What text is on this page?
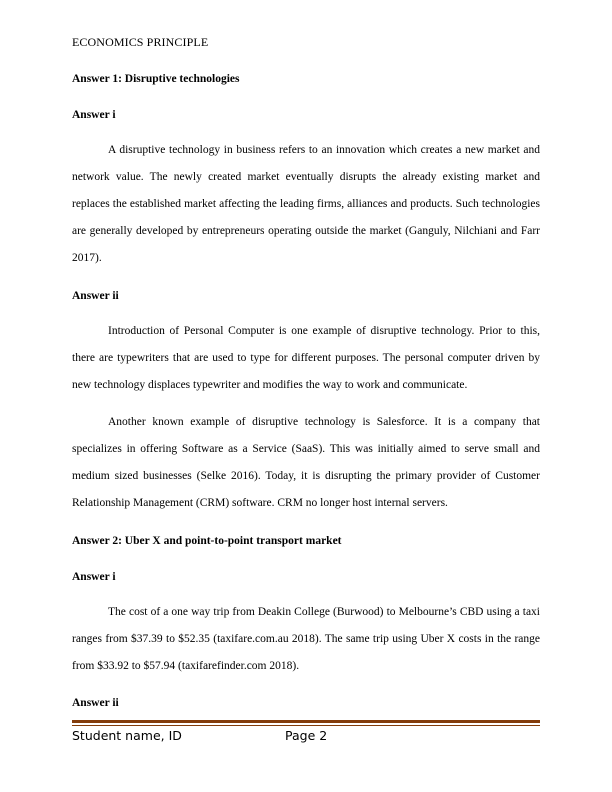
ECONOMICS PRINCIPLE
Answer 1: Disruptive technologies
Answer i
A disruptive technology in business refers to an innovation which creates a new market and network value. The newly created market eventually disrupts the already existing market and replaces the established market affecting the leading firms, alliances and products. Such technologies are generally developed by entrepreneurs operating outside the market (Ganguly, Nilchiani and Farr 2017).
Answer ii
Introduction of Personal Computer is one example of disruptive technology. Prior to this, there are typewriters that are used to type for different purposes. The personal computer driven by new technology displaces typewriter and modifies the way to work and communicate.
Another known example of disruptive technology is Salesforce. It is a company that specializes in offering Software as a Service (SaaS). This was initially aimed to serve small and medium sized businesses (Selke 2016). Today, it is disrupting the primary provider of Customer Relationship Management (CRM) software. CRM no longer host internal servers.
Answer 2: Uber X and point-to-point transport market
Answer i
The cost of a one way trip from Deakin College (Burwood) to Melbourne’s CBD using a taxi ranges from $37.39 to $52.35 (taxifare.com.au 2018). The same trip using Uber X costs in the range from $33.92 to $57.94 (taxifarefinder.com 2018).
Answer ii
Student name, ID	Page 2
